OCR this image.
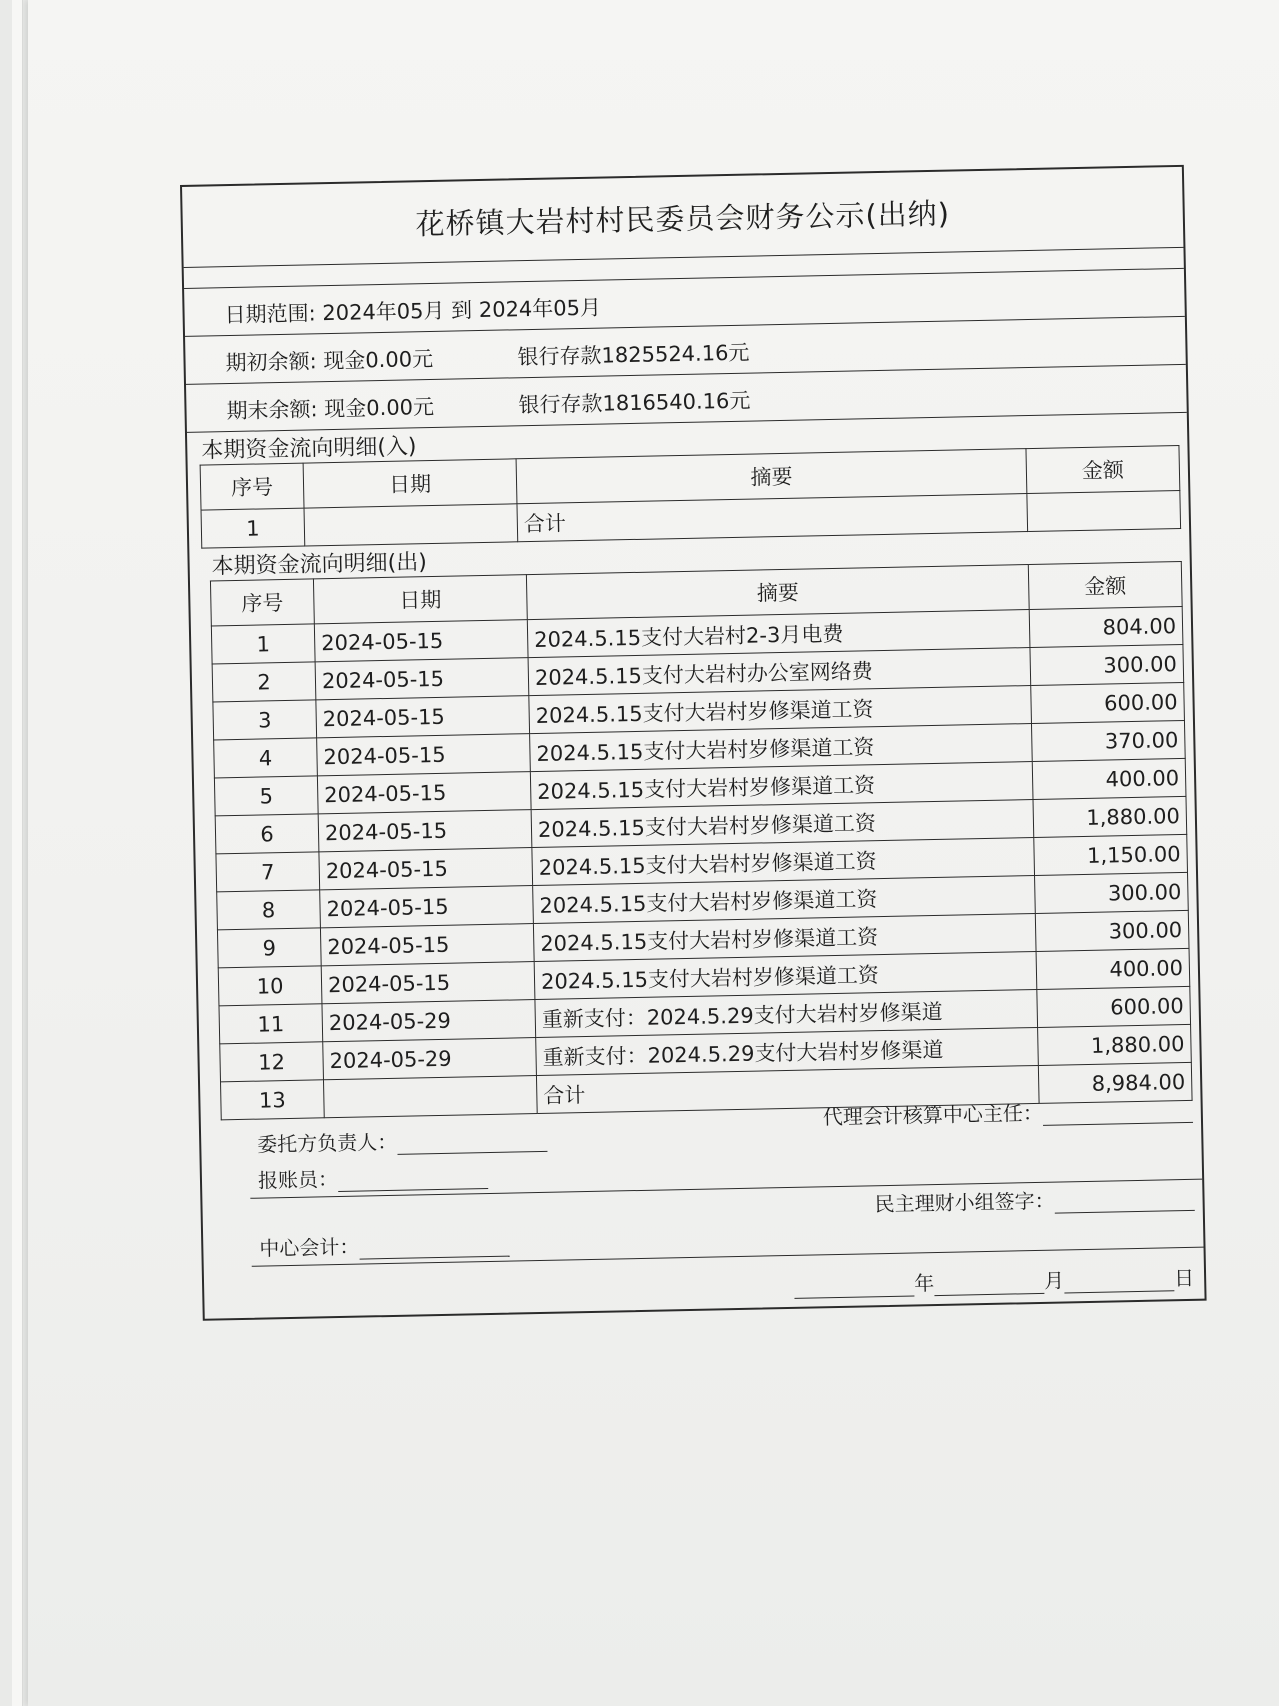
花桥镇大岩村村民委员会财务公示(出纳)
日期范围: 2024年05月 到 2024年05月
期初余额: 现金0.00元	银行存款1825524.16元
期末余额: 现金0.00元	银行存款1816540.16元
本期资金流向明细(入)
序号	日期	摘要	金额
1		合计	
本期资金流向明细(出)
序号	日期	摘要	金额
1	2024-05-15	2024.5.15支付大岩村2-3月电费	804.00
2	2024-05-15	2024.5.15支付大岩村办公室网络费	300.00
3	2024-05-15	2024.5.15支付大岩村岁修渠道工资	600.00
4	2024-05-15	2024.5.15支付大岩村岁修渠道工资	370.00
5	2024-05-15	2024.5.15支付大岩村岁修渠道工资	400.00
6	2024-05-15	2024.5.15支付大岩村岁修渠道工资	1,880.00
7	2024-05-15	2024.5.15支付大岩村岁修渠道工资	1,150.00
8	2024-05-15	2024.5.15支付大岩村岁修渠道工资	300.00
9	2024-05-15	2024.5.15支付大岩村岁修渠道工资	300.00
10	2024-05-15	2024.5.15支付大岩村岁修渠道工资	400.00
11	2024-05-29	重新支付：2024.5.29支付大岩村岁修渠道	600.00
12	2024-05-29	重新支付：2024.5.29支付大岩村岁修渠道	1,880.00
13		合计	8,984.00
委托方负责人：
代理会计核算中心主任：
报账员：
民主理财小组签字：
中心会计：
年	月	日
